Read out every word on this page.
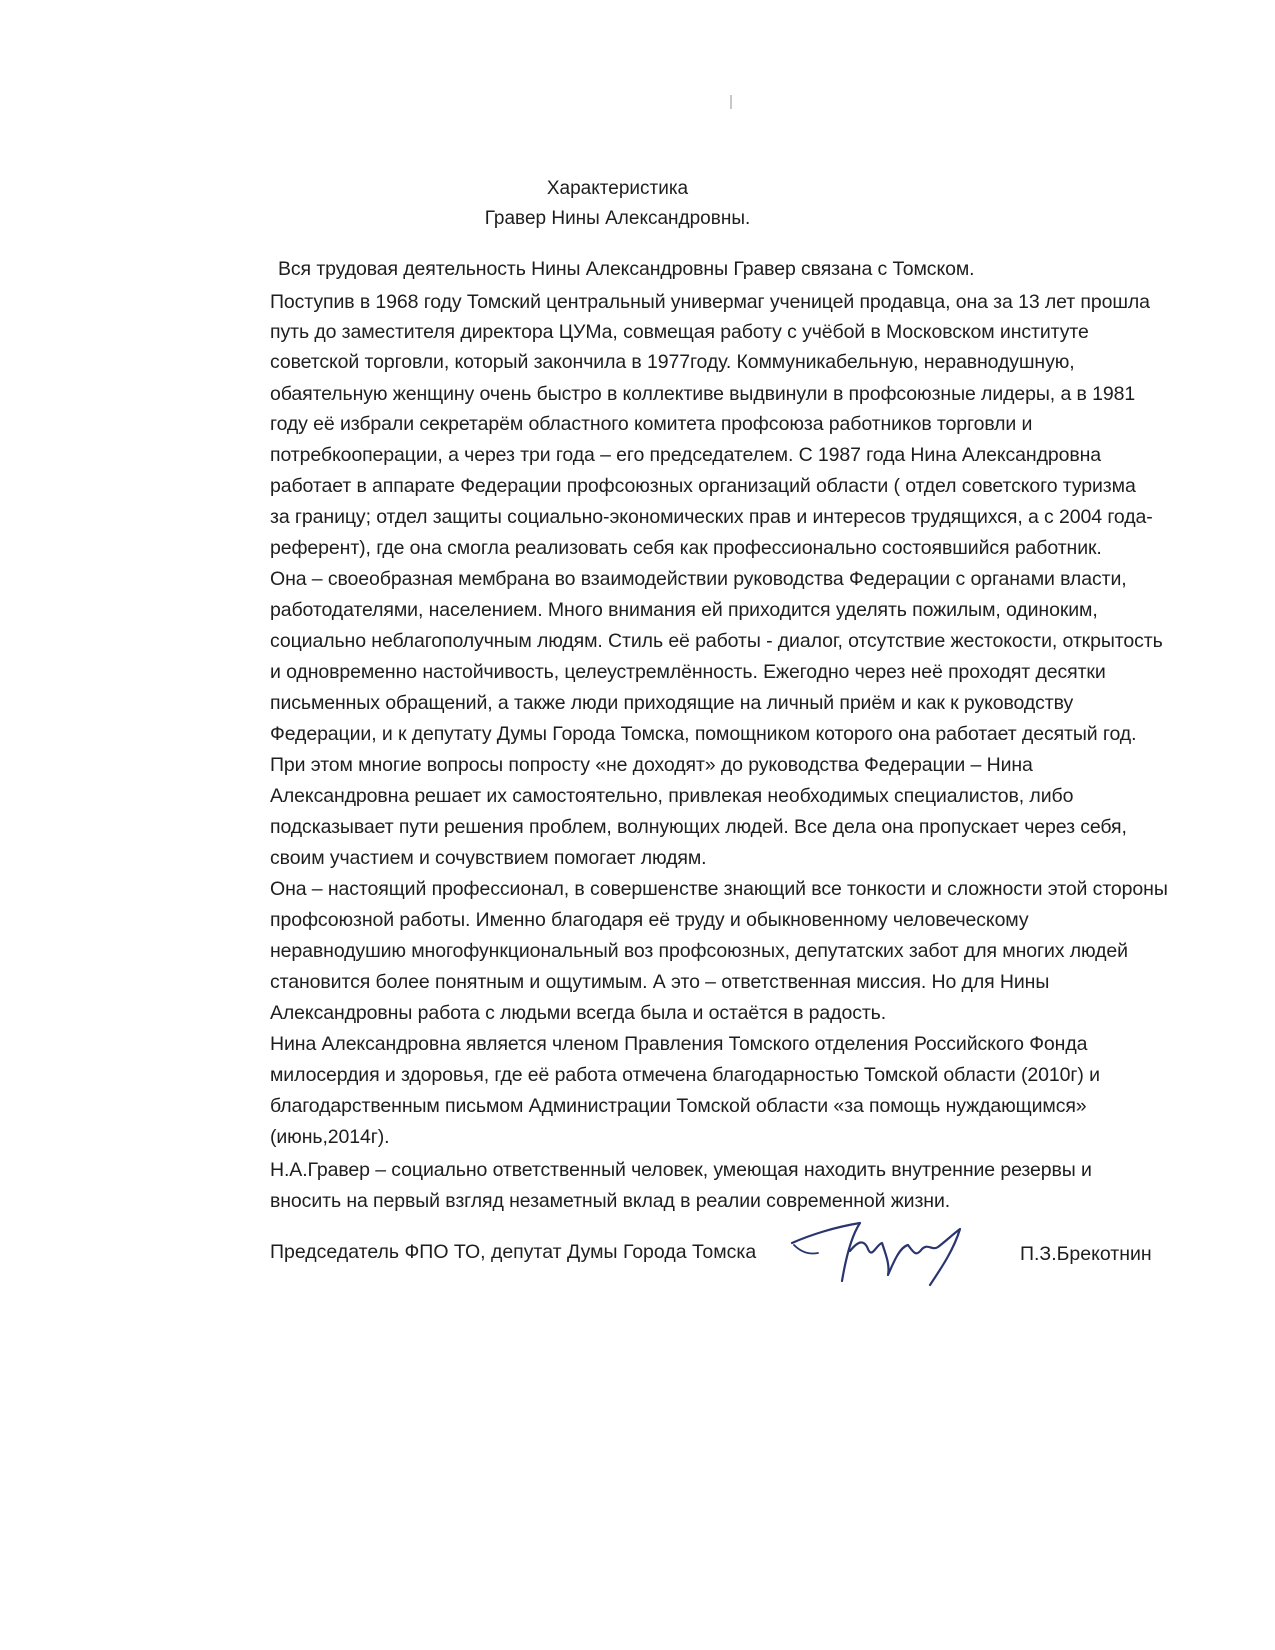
Характеристика
Гравер Нины Александровны.
Вся трудовая деятельность Нины Александровны Гравер связана с Томском.
Поступив в 1968 году Томский центральный универмаг ученицей продавца, она за 13 лет прошла
путь до заместителя директора ЦУМа, совмещая работу с учёбой в Московском институте
советской торговли, который закончила в 1977году. Коммуникабельную, неравнодушную,
обаятельную женщину очень быстро в коллективе выдвинули в профсоюзные лидеры, а в 1981
году её избрали секретарём областного комитета профсоюза работников торговли и
потребкооперации, а через три года – его председателем. С 1987 года Нина Александровна
работает в аппарате Федерации профсоюзных организаций области ( отдел советского туризма
за границу; отдел защиты социально-экономических прав и интересов трудящихся, а с 2004 года-
референт), где она смогла реализовать себя как профессионально состоявшийся работник.
Она – своеобразная мембрана во взаимодействии руководства Федерации с органами власти,
работодателями, населением. Много внимания ей приходится уделять пожилым, одиноким,
социально неблагополучным людям. Стиль её работы - диалог, отсутствие жестокости, открытость
и одновременно настойчивость, целеустремлённость. Ежегодно через неё проходят десятки
письменных обращений, а также люди приходящие на личный приём и как к руководству
Федерации, и к депутату Думы Города Томска, помощником которого она работает десятый год.
При этом многие вопросы попросту «не доходят» до руководства Федерации – Нина
Александровна решает их самостоятельно, привлекая необходимых специалистов, либо
подсказывает пути решения проблем, волнующих людей. Все дела она пропускает через себя,
своим участием и сочувствием помогает людям.
Она – настоящий профессионал, в совершенстве знающий все тонкости и сложности этой стороны
профсоюзной работы. Именно благодаря её труду и обыкновенному человеческому
неравнодушию многофункциональный воз профсоюзных, депутатских забот для многих людей
становится более понятным и ощутимым. А это – ответственная миссия. Но для Нины
Александровны работа с людьми всегда была и остаётся в радость.
Нина Александровна является членом Правления Томского отделения Российского Фонда
милосердия и здоровья, где её работа отмечена благодарностью Томской области (2010г) и
благодарственным письмом Администрации Томской области «за помощь нуждающимся»
(июнь,2014г).
Н.А.Гравер – социально ответственный человек, умеющая находить внутренние резервы и
вносить на первый взгляд незаметный вклад в реалии современной жизни.
Председатель ФПО ТО, депутат Думы Города Томска	П.З.Брекотнин
